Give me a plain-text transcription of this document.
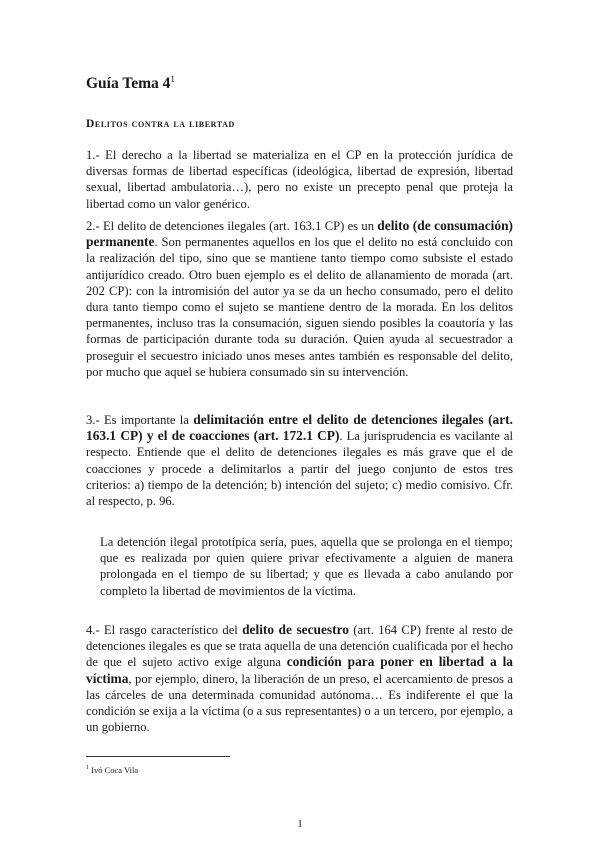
Guía Tema $4^1$
Delitos contra la libertad

1.- El derecho a la libertad se materializa en el CP en la protección jurídica de diversas formas de libertad específicas (ideológica, libertad de expresión, libertad sexual, libertad ambulatoria…), pero no existe un precepto penal que proteja la libertad como un valor genérico.

2.- El delito de detenciones ilegales (art. 163.1 CP) es un delito (de consumación) permanente. Son permanentes aquellos en los que el delito no está concluido con la realización del tipo, sino que se mantiene tanto tiempo como subsiste el estado antijurídico creado. Otro buen ejemplo es el delito de allanamiento de morada (art. 202 CP): con la intromisión del autor ya se da un hecho consumado, pero el delito dura tanto tiempo como el sujeto se mantiene dentro de la morada. En los delitos permanentes, incluso tras la consumación, siguen siendo posibles la coautoría y las formas de participación durante toda su duración. Quien ayuda al secuestrador a proseguir el secuestro iniciado unos meses antes también es responsable del delito, por mucho que aquel se hubiera consumado sin su intervención.

3.- Es importante la delimitación entre el delito de detenciones ilegales (art. 163.1 CP) y el de coacciones (art. 172.1 CP). La jurisprudencia es vacilante al respecto. Entiende que el delito de detenciones ilegales es más grave que el de coacciones y procede a delimitarlos a partir del juego conjunto de estos tres criterios: a) tiempo de la detención; b) intención del sujeto; c) medio comisivo. Cfr. al respecto, p. 96.

La detención ilegal prototípica sería, pues, aquella que se prolonga en el tiempo; que es realizada por quien quiere privar efectivamente a alguien de manera prolongada en el tiempo de su libertad; y que es llevada a cabo anulando por completo la libertad de movimientos de la víctima.

4.- El rasgo característico del delito de secuestro (art. 164 CP) frente al resto de detenciones ilegales es que se trata aquella de una detención cualificada por el hecho de que el sujeto activo exige alguna condición para poner en libertad a la víctima, por ejemplo, dinero, la liberación de un preso, el acercamiento de presos a las cárceles de una determinada comunidad autónoma… Es indiferente el que la condición se exija a la víctima (o a sus representantes) o a un tercero, por ejemplo, a un gobierno.

$^1$ Ivó Coca Vila
1
